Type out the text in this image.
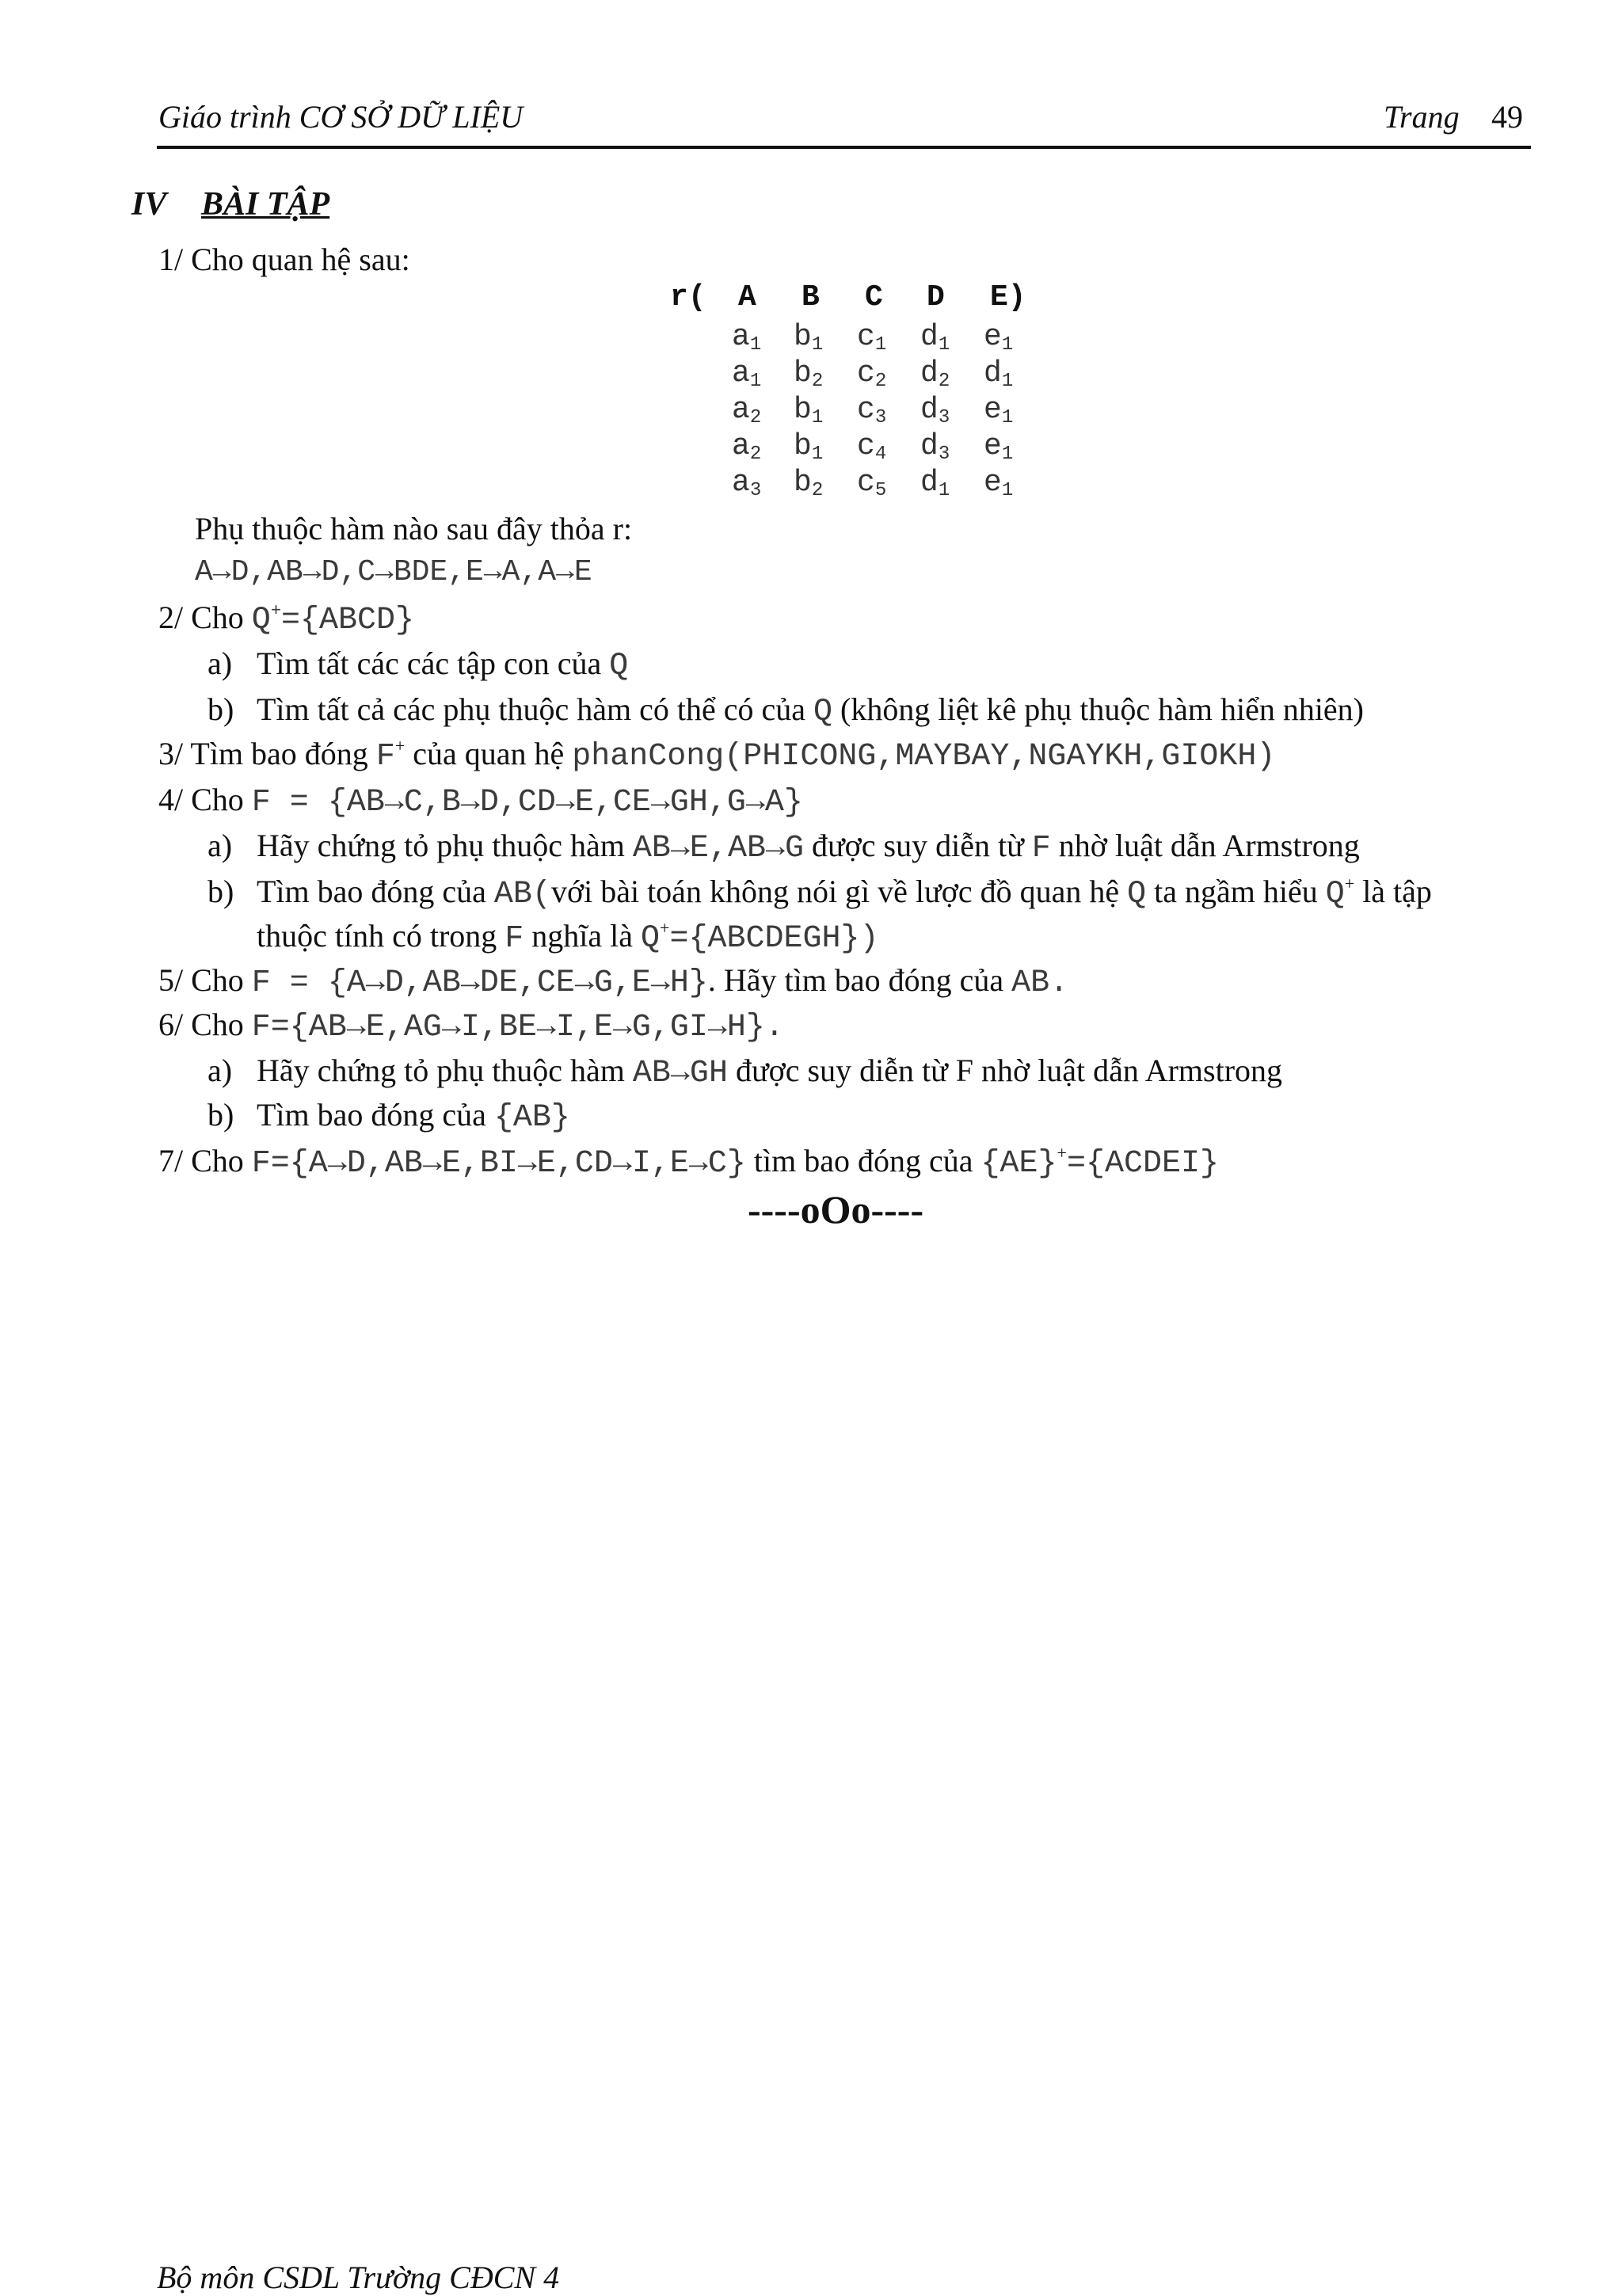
Giáo trình CƠ SỞ DỮ LIỆU	Trang 49
IV BÀI TẬP
1/ Cho quan hệ sau:
r( A B C D E)
$a_1$ $b_1$ $c_1$ $d_1$ $e_1$
$a_1$ $b_2$ $c_2$ $d_2$ $d_1$
$a_2$ $b_1$ $c_3$ $d_3$ $e_1$
$a_2$ $b_1$ $c_4$ $d_3$ $e_1$
$a_3$ $b_2$ $c_5$ $d_1$ $e_1$
Phụ thuộc hàm nào sau đây thỏa r:
A→D,AB→D,C→BDE,E→A,A→E
2/ Cho Q+={ABCD}
a) Tìm tất các các tập con của Q
b) Tìm tất cả các phụ thuộc hàm có thể có của Q (không liệt kê phụ thuộc hàm hiển nhiên)
3/ Tìm bao đóng F+ của quan hệ phanCong(PHICONG,MAYBAY,NGAYKH,GIOKH)
4/ Cho F = {AB→C,B→D,CD→E,CE→GH,G→A}
a) Hãy chứng tỏ phụ thuộc hàm AB→E,AB→G được suy diễn từ F nhờ luật dẫn Armstrong
b) Tìm bao đóng của AB(với bài toán không nói gì về lược đồ quan hệ Q ta ngầm hiểu Q+ là tập
thuộc tính có trong F nghĩa là Q+={ABCDEGH})
5/ Cho F = {A→D,AB→DE,CE→G,E→H}. Hãy tìm bao đóng của AB.
6/ Cho F={AB→E,AG→I,BE→I,E→G,GI→H}.
a) Hãy chứng tỏ phụ thuộc hàm AB→GH được suy diễn từ F nhờ luật dẫn Armstrong
b) Tìm bao đóng của {AB}
7/ Cho F={A→D,AB→E,BI→E,CD→I,E→C} tìm bao đóng của {AE}+={ACDEI}
----oOo----
Bộ môn CSDL Trường CĐCN 4
